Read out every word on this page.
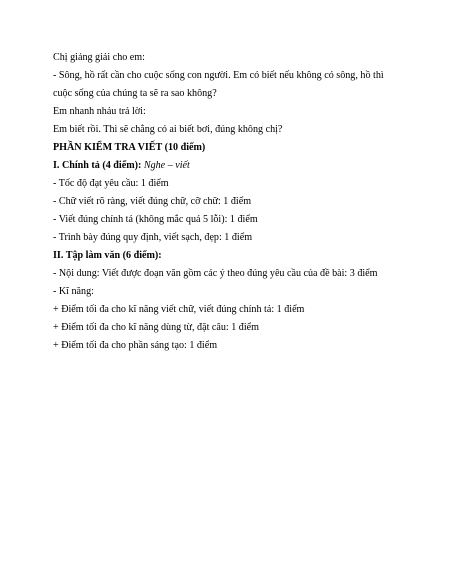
Chị giảng giải cho em:
- Sông, hồ rất cần cho cuộc sống con người. Em có biết nếu không có sông, hồ thì cuộc sống của chúng ta sẽ ra sao không?
Em nhanh nhảu trả lời:
Em biết rồi. Thì sẽ chẳng có ai biết bơi, đúng không chị?
PHẦN KIỂM TRA VIẾT (10 điểm)
I. Chính tả (4 điểm): Nghe – viết
- Tốc độ đạt yêu cầu: 1 điểm
- Chữ viết rõ ràng, viết đúng chữ, cỡ chữ: 1 điểm
- Viết đúng chính tả (không mắc quá 5 lỗi): 1 điểm
- Trình bày đúng quy định, viết sạch, đẹp: 1 điểm
II. Tập làm văn (6 điểm):
- Nội dung: Viết được đoạn văn gồm các ý theo đúng yêu cầu của đề bài: 3 điểm
- Kĩ năng:
+ Điểm tối đa cho kĩ năng viết chữ, viết đúng chính tả: 1 điểm
+ Điểm tối đa cho kĩ năng dùng từ, đặt câu: 1 điểm
+ Điểm tối đa cho phần sáng tạo: 1 điểm
